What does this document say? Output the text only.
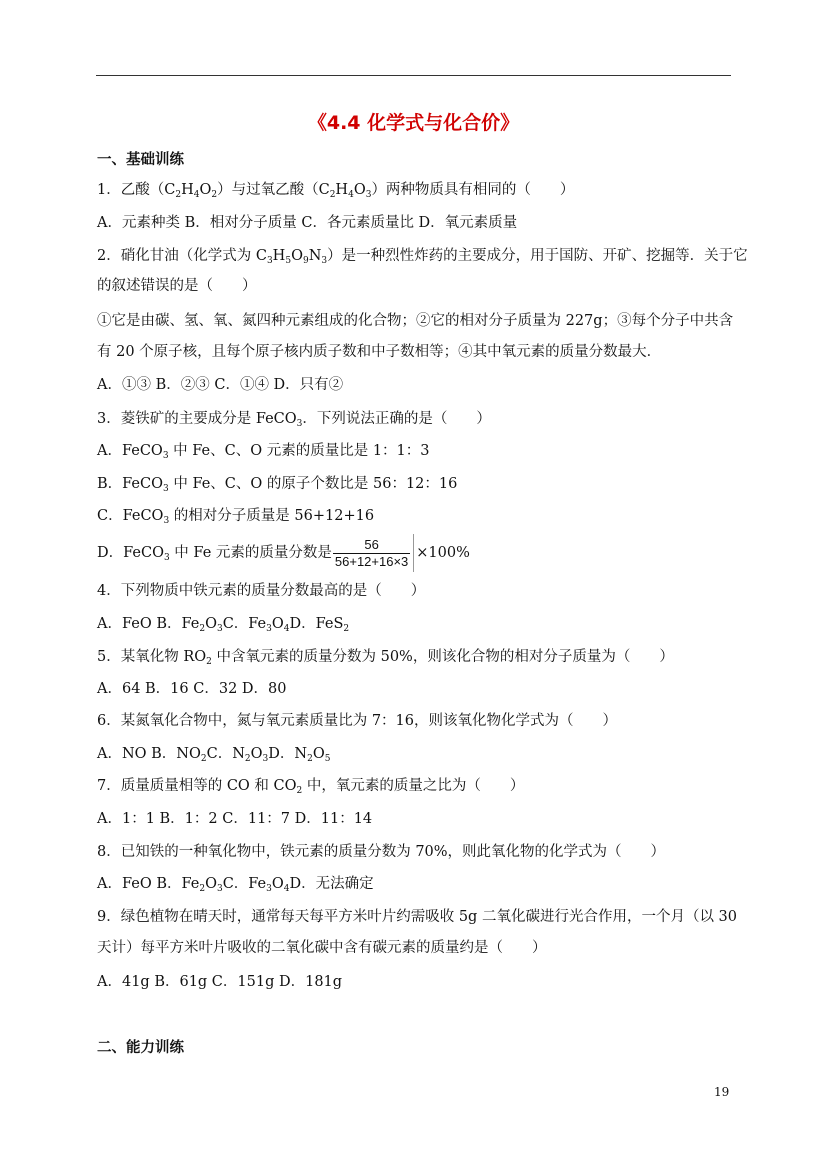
《4.4 化学式与化合价》
一、基础训练
1．乙酸$(C_2H_4O_2)$与过氧乙酸$(C_2H_4O_3)$两种物质具有相同的（　　）
A．元素种类 B．相对分子质量 C．各元素质量比 D．氧元素质量
2．硝化甘油（化学式为 $C_3H_5O_9N_3$）是一种烈性炸药的主要成分，用于国防、开矿、挖掘等．关于它
的叙述错误的是（　　）
①它是由碳、氢、氧、氮四种元素组成的化合物；②它的相对分子质量为 227g；③每个分子中共含
有 20 个原子核，且每个原子核内质子数和中子数相等；④其中氧元素的质量分数最大．
A．①③ B．②③ C．①④ D．只有②
3．菱铁矿的主要成分是 FeCO$_3$．下列说法正确的是（　　）
A．FeCO$_3$ 中 Fe、C、O 元素的质量比是 1：1：3
B．FeCO$_3$ 中 Fe、C、O 的原子个数比是 56：12：16
C．FeCO$_3$ 的相对分子质量是 56+12+16
D．FeCO$_3$ 中 Fe 元素的质量分数是 $\frac{56}{56+12+16\times 3} \times 100\%$
4．下列物质中铁元素的质量分数最高的是（　　）
A．FeO B．$Fe_2O_3C$．$Fe_3O_4D$．FeS$_2$
5．某氧化物 $RO_2$ 中含氧元素的质量分数为 50%，则该化合物的相对分子质量为（　　）
A．64 B．16 C．32 D．80
6．某氮氧化合物中，氮与氧元素质量比为 7：16，则该氧化物化学式为（　　）
A．NO B．$NO_2C$．$N_2O_3D$．$N_2O_5$
7．质量质量相等的 CO 和 $CO_2$ 中，氧元素的质量之比为（　　）
A．1：1 B．1：2 C．11：7 D．11：14
8．已知铁的一种氧化物中，铁元素的质量分数为 70%，则此氧化物的化学式为（　　）
A．FeO B．$Fe_2O_3C$．$Fe_3O_4D$．无法确定
9．绿色植物在晴天时，通常每天每平方米叶片约需吸收 5g 二氧化碳进行光合作用，一个月（以 30
天计）每平方米叶片吸收的二氧化碳中含有碳元素的质量约是（　　）
A．41g B．61g C．151g D．181g
二、能力训练
19
